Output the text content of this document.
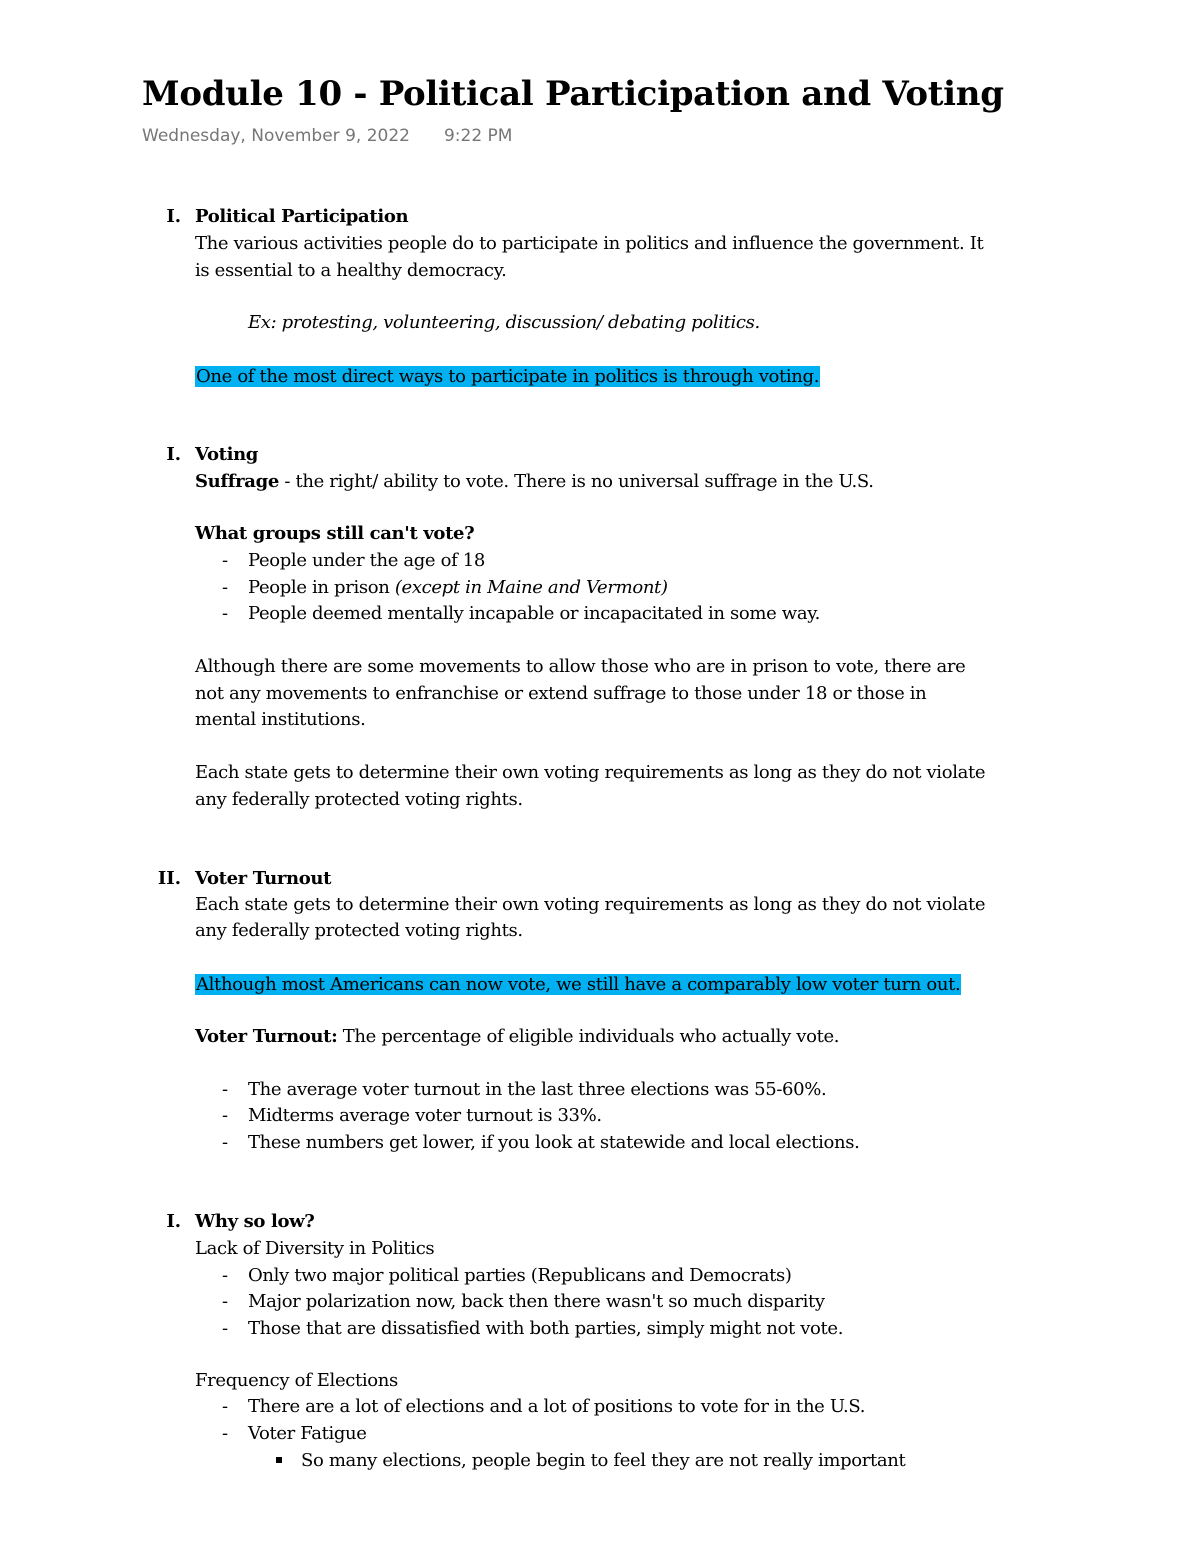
Module 10 - Political Participation and Voting
Wednesday, November 9, 2022 9:22 PM
I. Political Participation
The various activities people do to participate in politics and influence the government. It
is essential to a healthy democracy.
Ex: protesting, volunteering, discussion/ debating politics.
One of the most direct ways to participate in politics is through voting.
I. Voting
Suffrage - the right/ ability to vote. There is no universal suffrage in the U.S.
What groups still can't vote?
- People under the age of 18
- People in prison (except in Maine and Vermont)
- People deemed mentally incapable or incapacitated in some way.
Although there are some movements to allow those who are in prison to vote, there are
not any movements to enfranchise or extend suffrage to those under 18 or those in
mental institutions.
Each state gets to determine their own voting requirements as long as they do not violate
any federally protected voting rights.
II. Voter Turnout
Each state gets to determine their own voting requirements as long as they do not violate
any federally protected voting rights.
Although most Americans can now vote, we still have a comparably low voter turn out.
Voter Turnout: The percentage of eligible individuals who actually vote.
- The average voter turnout in the last three elections was 55-60%.
- Midterms average voter turnout is 33%.
- These numbers get lower, if you look at statewide and local elections.
I. Why so low?
Lack of Diversity in Politics
- Only two major political parties (Republicans and Democrats)
- Major polarization now, back then there wasn't so much disparity
- Those that are dissatisfied with both parties, simply might not vote.
Frequency of Elections
- There are a lot of elections and a lot of positions to vote for in the U.S.
- Voter Fatigue
So many elections, people begin to feel they are not really important
